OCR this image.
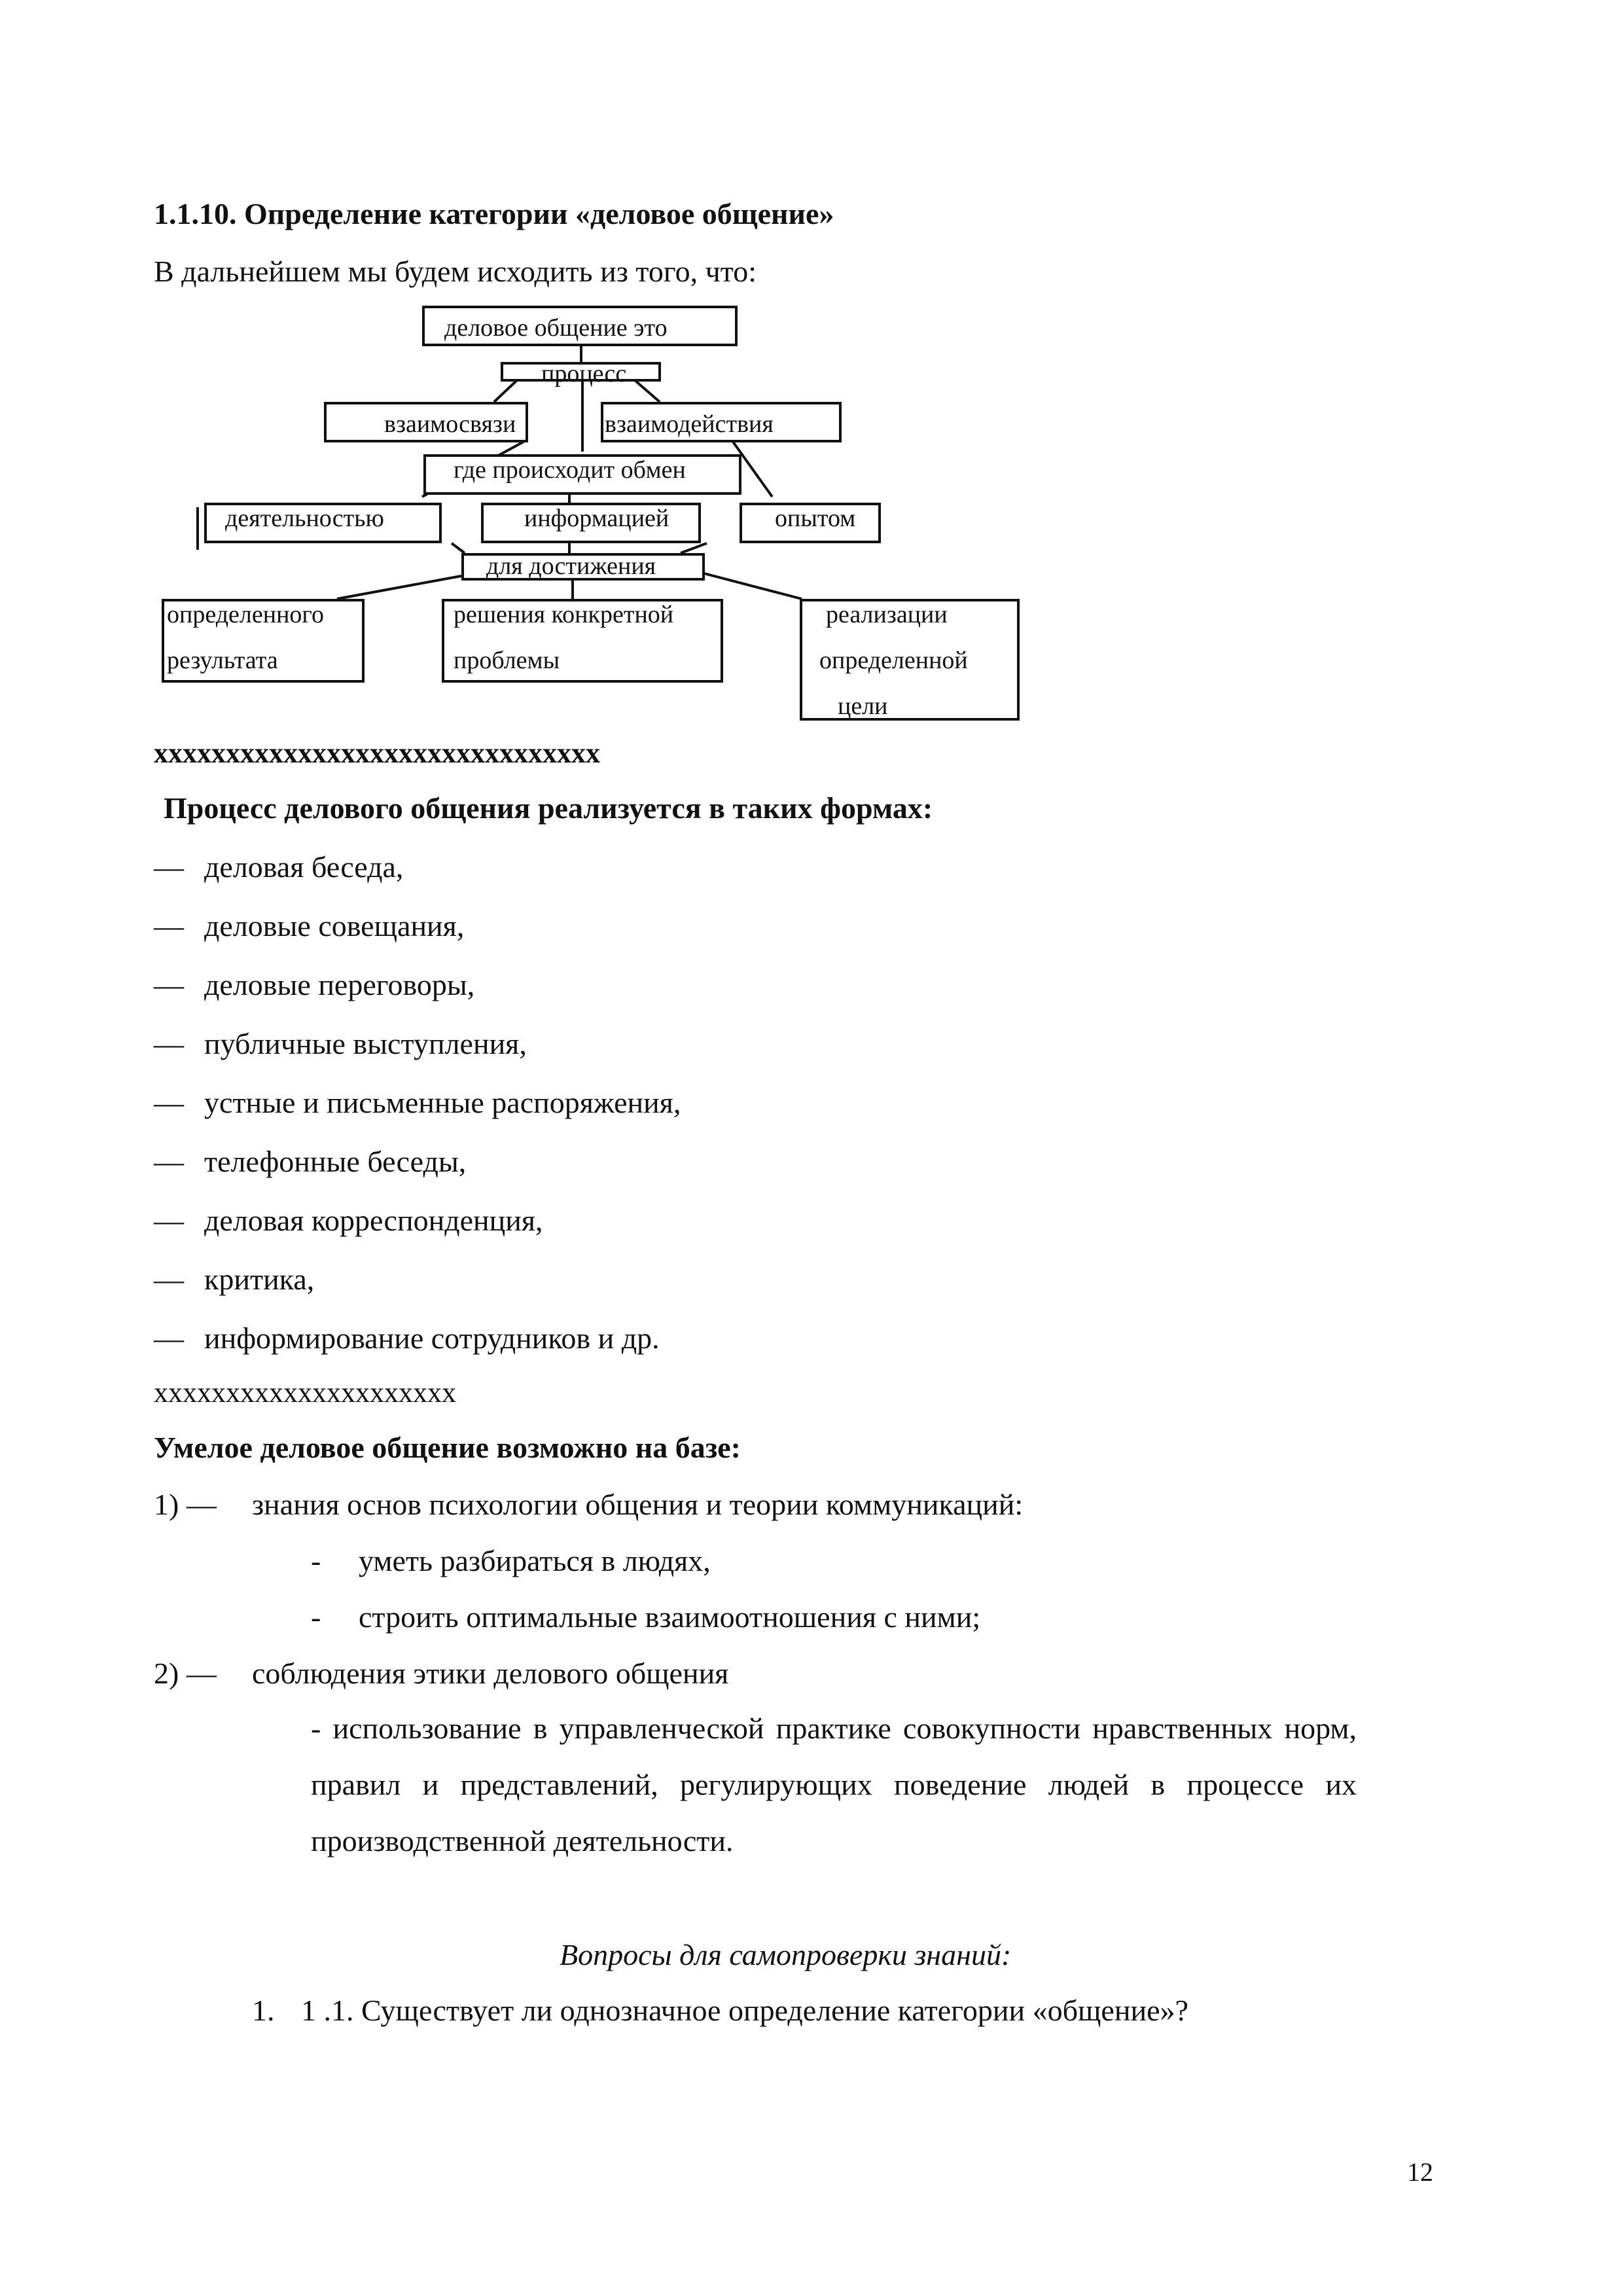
1.1.10. Определение категории «деловое общение»
В дальнейшем мы будем исходить из того, что:
деловое общение это
процесс
взаимосвязи	взаимодействия
где происходит обмен
деятельностью	информацией	опытом
для достижения
определенного
результата
решения конкретной
проблемы
реализации
определенной
цели
xxxxxxxxxxxxxxxxxxxxxxxxxxxxxxx
Процесс делового общения реализуется в таких формах:
— деловая беседа,
— деловые совещания,
— деловые переговоры,
— публичные выступления,
— устные и письменные распоряжения,
— телефонные беседы,
— деловая корреспонденция,
— критика,
— информирование сотрудников и др.
xxxxxxxxxxxxxxxxxxxxx
Умелое деловое общение возможно на базе:
1) — знания основ психологии общения и теории коммуникаций:
- уметь разбираться в людях,
- строить оптимальные взаимоотношения с ними;
2) — соблюдения этики делового общения
- использование в управленческой практике совокупности нравственных норм, правил и представлений, регулирующих поведение людей в процессе их производственной деятельности.
Вопросы для самопроверки знаний:
1. 1 .1. Существует ли однозначное определение категории «общение»?
12
